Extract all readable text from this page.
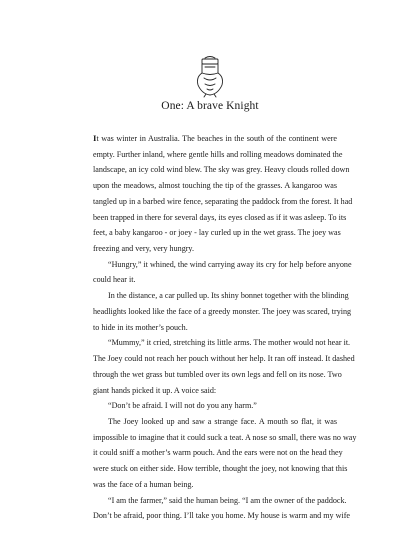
One: A brave Knight

It was winter in Australia. The beaches in the south of the continent were
empty. Further inland, where gentle hills and rolling meadows dominated the
landscape, an icy cold wind blew. The sky was grey. Heavy clouds rolled down
upon the meadows, almost touching the tip of the grasses. A kangaroo was
tangled up in a barbed wire fence, separating the paddock from the forest. It had
been trapped in there for several days, its eyes closed as if it was asleep. To its
feet, a baby kangaroo - or joey - lay curled up in the wet grass. The joey was
freezing and very, very hungry.

“Hungry,” it whined, the wind carrying away its cry for help before anyone
could hear it.

In the distance, a car pulled up. Its shiny bonnet together with the blinding
headlights looked like the face of a greedy monster. The joey was scared, trying
to hide in its mother’s pouch.

“Mummy,” it cried, stretching its little arms. The mother would not hear it.
The Joey could not reach her pouch without her help. It ran off instead. It dashed
through the wet grass but tumbled over its own legs and fell on its nose. Two
giant hands picked it up. A voice said:

“Don’t be afraid. I will not do you any harm.”

The Joey looked up and saw a strange face. A mouth so flat, it was
impossible to imagine that it could suck a teat. A nose so small, there was no way
it could sniff a mother’s warm pouch. And the ears were not on the head they
were stuck on either side. How terrible, thought the joey, not knowing that this
was the face of a human being.

“I am the farmer,” said the human being. “I am the owner of the paddock.
Don’t be afraid, poor thing. I’ll take you home. My house is warm and my wife
